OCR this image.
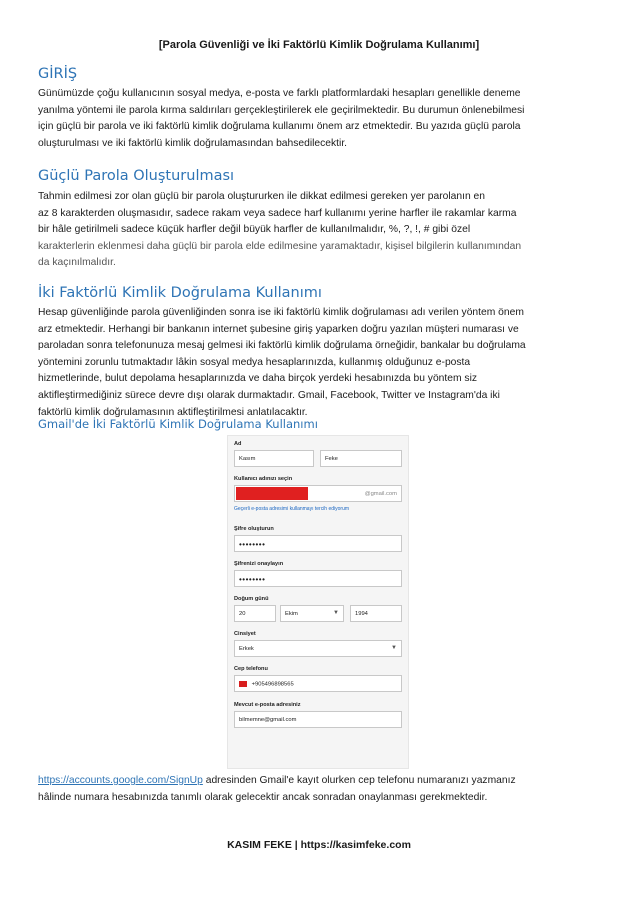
[Parola Güvenliği ve İki Faktörlü Kimlik Doğrulama Kullanımı]
GİRİŞ
Günümüzde çoğu kullanıcının sosyal medya, e-posta ve farklı platformlardaki hesapları genellikle deneme
yanılma yöntemi ile parola kırma saldırıları gerçekleştirilerek ele geçirilmektedir. Bu durumun önlenebilmesi
için güçlü bir parola ve iki faktörlü kimlik doğrulama kullanımı önem arz etmektedir. Bu yazıda güçlü parola
oluşturulması ve iki faktörlü kimlik doğrulamasından bahsedilecektir.
Güçlü Parola Oluşturulması
Tahmin edilmesi zor olan güçlü bir parola oluştururken ile dikkat edilmesi gereken yer parolanın en
az 8 karakterden oluşmasıdır, sadece rakam veya sadece harf kullanımı yerine harfler ile rakamlar karma
bir hâle getirilmeli sadece küçük harfler değil büyük harfler de kullanılmalıdır, %, ?, !, # gibi özel
karakterlerin eklenmesi daha güçlü bir parola elde edilmesine yaramaktadır, kişisel bilgilerin kullanımından
da kaçınılmalıdır.
İki Faktörlü Kimlik Doğrulama Kullanımı
Hesap güvenliğinde parola güvenliğinden sonra ise iki faktörlü kimlik doğrulaması adı verilen yöntem önem
arz etmektedir. Herhangi bir bankanın internet şubesine giriş yaparken doğru yazılan müşteri numarası ve
paroladan sonra telefonunuza mesaj gelmesi iki faktörlü kimlik doğrulama örneğidir, bankalar bu doğrulama
yöntemini zorunlu tutmaktadır lâkin sosyal medya hesaplarınızda, kullanmış olduğunuz e-posta
hizmetlerinde, bulut depolama hesaplarınızda ve daha birçok yerdeki hesabınızda bu yöntem siz
aktifleştirmediğiniz sürece devre dışı olarak durmaktadır. Gmail, Facebook, Twitter ve Instagram'da iki
faktörlü kimlik doğrulamasının aktifleştirilmesi anlatılacaktır.
Gmail'de İki Faktörlü Kimlik Doğrulama Kullanımı
Ad
Kasım	Feke
Kullanıcı adınızı seçin
@gmail.com
Geçerli e-posta adresimi kullanmayı tercih ediyorum
Şifre oluşturun
••••••••
Şifrenizi onaylayın
••••••••
Doğum günü
20	Ekim	▼	1994
Cinsiyet
Erkek	▼
Cep telefonu
+905496898565
Mevcut e-posta adresiniz
bilmemne@gmail.com
https://accounts.google.com/SignUp adresinden Gmail'e kayıt olurken cep telefonu numaranızı yazmanız
hâlinde numara hesabınızda tanımlı olarak gelecektir ancak sonradan onaylanması gerekmektedir.
KASIM FEKE | https://kasimfeke.com
